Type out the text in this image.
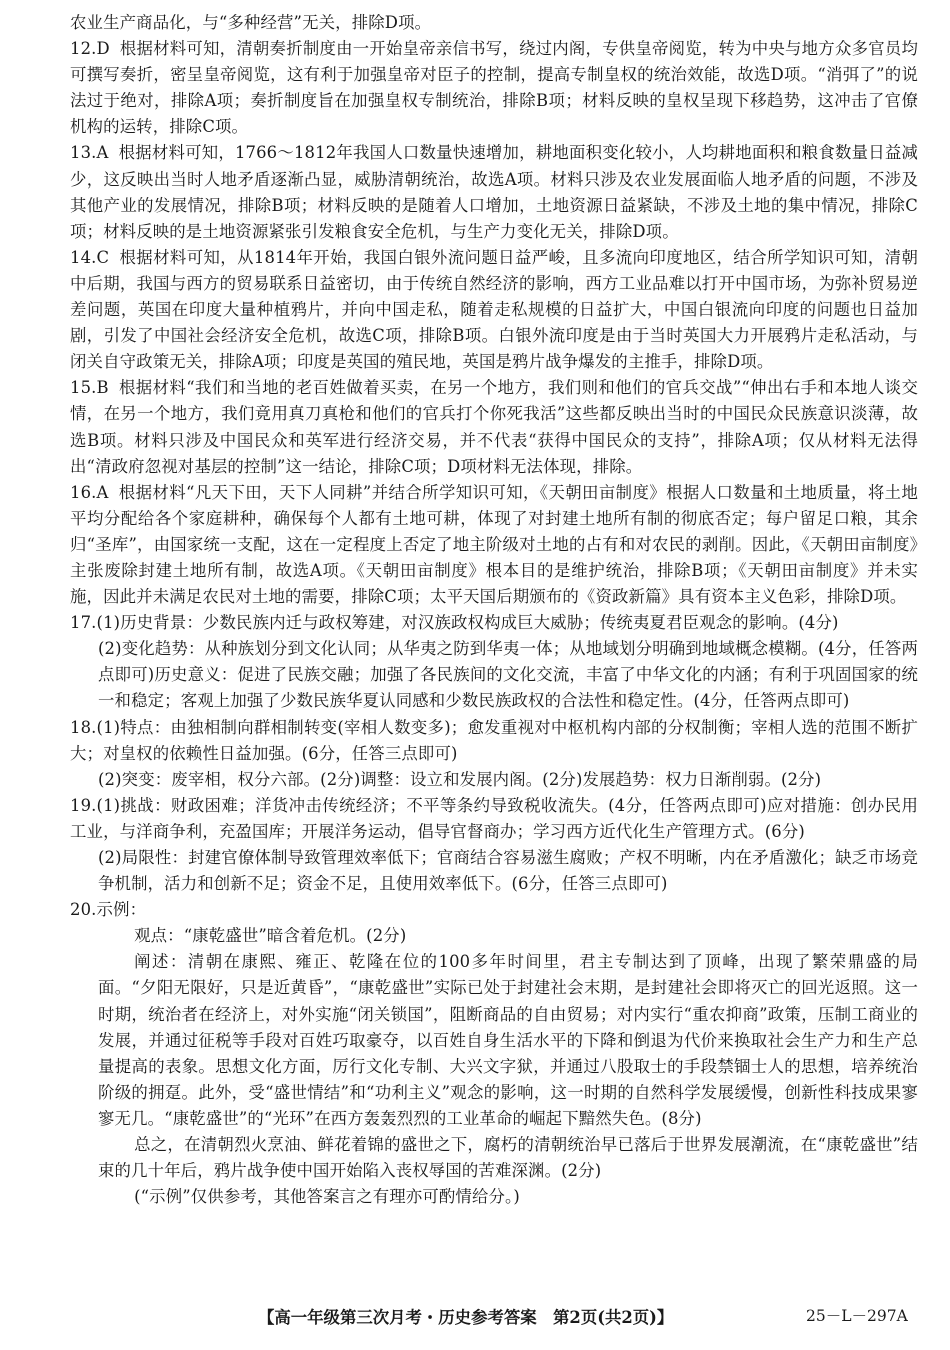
农业生产商品化，与“多种经营”无关，排除D项。

12.D 根据材料可知，清朝奏折制度由一开始皇帝亲信书写，绕过内阁，专供皇帝阅览，转为中央与地方众多官员均可撰写奏折，密呈皇帝阅览，这有利于加强皇帝对臣子的控制，提高专制皇权的统治效能，故选D项。“消弭了”的说法过于绝对，排除A项；奏折制度旨在加强皇权专制统治，排除B项；材料反映的皇权呈现下移趋势，这冲击了官僚机构的运转，排除C项。

13.A 根据材料可知，1766～1812年我国人口数量快速增加，耕地面积变化较小，人均耕地面积和粮食数量日益减少，这反映出当时人地矛盾逐渐凸显，威胁清朝统治，故选A项。材料只涉及农业发展面临人地矛盾的问题，不涉及其他产业的发展情况，排除B项；材料反映的是随着人口增加，土地资源日益紧缺，不涉及土地的集中情况，排除C项；材料反映的是土地资源紧张引发粮食安全危机，与生产力变化无关，排除D项。

14.C 根据材料可知，从1814年开始，我国白银外流问题日益严峻，且多流向印度地区，结合所学知识可知，清朝中后期，我国与西方的贸易联系日益密切，由于传统自然经济的影响，西方工业品难以打开中国市场，为弥补贸易逆差问题，英国在印度大量种植鸦片，并向中国走私，随着走私规模的日益扩大，中国白银流向印度的问题也日益加剧，引发了中国社会经济安全危机，故选C项，排除B项。白银外流印度是由于当时英国大力开展鸦片走私活动，与闭关自守政策无关，排除A项；印度是英国的殖民地，英国是鸦片战争爆发的主推手，排除D项。

15.B 根据材料“我们和当地的老百姓做着买卖，在另一个地方，我们则和他们的官兵交战”“伸出右手和本地人谈交情，在另一个地方，我们竟用真刀真枪和他们的官兵打个你死我活”这些都反映出当时的中国民众民族意识淡薄，故选B项。材料只涉及中国民众和英军进行经济交易，并不代表“获得中国民众的支持”，排除A项；仅从材料无法得出“清政府忽视对基层的控制”这一结论，排除C项；D项材料无法体现，排除。

16.A 根据材料“凡天下田，天下人同耕”并结合所学知识可知，《天朝田亩制度》根据人口数量和土地质量，将土地平均分配给各个家庭耕种，确保每个人都有土地可耕，体现了对封建土地所有制的彻底否定；每户留足口粮，其余归“圣库”，由国家统一支配，这在一定程度上否定了地主阶级对土地的占有和对农民的剥削。因此，《天朝田亩制度》主张废除封建土地所有制，故选A项。《天朝田亩制度》根本目的是维护统治，排除B项；《天朝田亩制度》并未实施，因此并未满足农民对土地的需要，排除C项；太平天国后期颁布的《资政新篇》具有资本主义色彩，排除D项。

17.(1)历史背景：少数民族内迁与政权筹建，对汉族政权构成巨大威胁；传统夷夏君臣观念的影响。(4分)

(2)变化趋势：从种族划分到文化认同；从华夷之防到华夷一体；从地域划分明确到地域概念模糊。(4分，任答两点即可)历史意义：促进了民族交融；加强了各民族间的文化交流，丰富了中华文化的内涵；有利于巩固国家的统一和稳定；客观上加强了少数民族华夏认同感和少数民族政权的合法性和稳定性。(4分，任答两点即可)

18.(1)特点：由独相制向群相制转变(宰相人数变多)；愈发重视对中枢机构内部的分权制衡；宰相人选的范围不断扩大；对皇权的依赖性日益加强。(6分，任答三点即可)

(2)突变：废宰相，权分六部。(2分)调整：设立和发展内阁。(2分)发展趋势：权力日渐削弱。(2分)

19.(1)挑战：财政困难；洋货冲击传统经济；不平等条约导致税收流失。(4分，任答两点即可)应对措施：创办民用工业，与洋商争利，充盈国库；开展洋务运动，倡导官督商办；学习西方近代化生产管理方式。(6分)

(2)局限性：封建官僚体制导致管理效率低下；官商结合容易滋生腐败；产权不明晰，内在矛盾激化；缺乏市场竞争机制，活力和创新不足；资金不足，且使用效率低下。(6分，任答三点即可)

20.示例：

观点：“康乾盛世”暗含着危机。(2分)

阐述：清朝在康熙、雍正、乾隆在位的100多年时间里，君主专制达到了顶峰，出现了繁荣鼎盛的局面。“夕阳无限好，只是近黄昏”，“康乾盛世”实际已处于封建社会末期，是封建社会即将灭亡的回光返照。这一时期，统治者在经济上，对外实施“闭关锁国”，阻断商品的自由贸易；对内实行“重农抑商”政策，压制工商业的发展，并通过征税等手段对百姓巧取豪夺，以百姓自身生活水平的下降和倒退为代价来换取社会生产力和生产总量提高的表象。思想文化方面，厉行文化专制、大兴文字狱，并通过八股取士的手段禁锢士人的思想，培养统治阶级的拥趸。此外，受“盛世情结”和“功利主义”观念的影响，这一时期的自然科学发展缓慢，创新性科技成果寥寥无几。“康乾盛世”的“光环”在西方轰轰烈烈的工业革命的崛起下黯然失色。(8分)

总之，在清朝烈火烹油、鲜花着锦的盛世之下，腐朽的清朝统治早已落后于世界发展潮流，在“康乾盛世”结束的几十年后，鸦片战争使中国开始陷入丧权辱国的苦难深渊。(2分)

(“示例”仅供参考，其他答案言之有理亦可酌情给分。)

【高一年级第三次月考・历史参考答案　第2页(共2页)】	25－L－297A
